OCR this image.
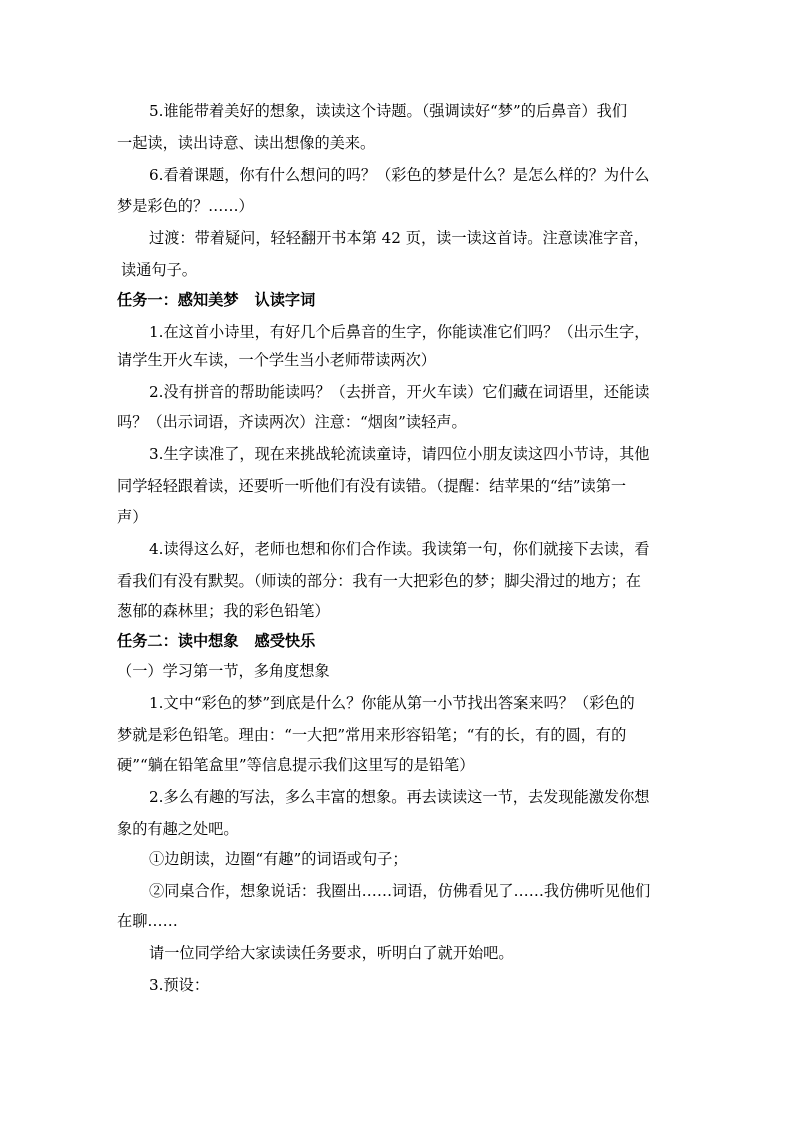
5.谁能带着美好的想象，读读这个诗题。（强调读好“梦”的后鼻音）我们
一起读，读出诗意、读出想像的美来。
6.看着课题，你有什么想问的吗？（彩色的梦是什么？是怎么样的？为什么
梦是彩色的？……）
过渡：带着疑问，轻轻翻开书本第 42 页，读一读这首诗。注意读准字音，
读通句子。
任务一：感知美梦 认读字词
1.在这首小诗里，有好几个后鼻音的生字，你能读准它们吗？（出示生字，
请学生开火车读，一个学生当小老师带读两次）
2.没有拼音的帮助能读吗？（去拼音，开火车读）它们藏在词语里，还能读
吗？（出示词语，齐读两次）注意：“烟囱”读轻声。
3.生字读准了，现在来挑战轮流读童诗，请四位小朋友读这四小节诗，其他
同学轻轻跟着读，还要听一听他们有没有读错。（提醒：结苹果的“结”读第一
声）
4.读得这么好，老师也想和你们合作读。我读第一句，你们就接下去读，看
看我们有没有默契。（师读的部分：我有一大把彩色的梦；脚尖滑过的地方；在
葱郁的森林里；我的彩色铅笔）
任务二：读中想象 感受快乐
（一）学习第一节，多角度想象
1.文中“彩色的梦”到底是什么？你能从第一小节找出答案来吗？（彩色的
梦就是彩色铅笔。理由：“一大把”常用来形容铅笔；“有的长，有的圆，有的
硬”“躺在铅笔盒里”等信息提示我们这里写的是铅笔）
2.多么有趣的写法，多么丰富的想象。再去读读这一节，去发现能激发你想
象的有趣之处吧。
①边朗读，边圈“有趣”的词语或句子；
②同桌合作，想象说话：我圈出……词语，仿佛看见了……我仿佛听见他们
在聊……
请一位同学给大家读读任务要求，听明白了就开始吧。
3.预设：
